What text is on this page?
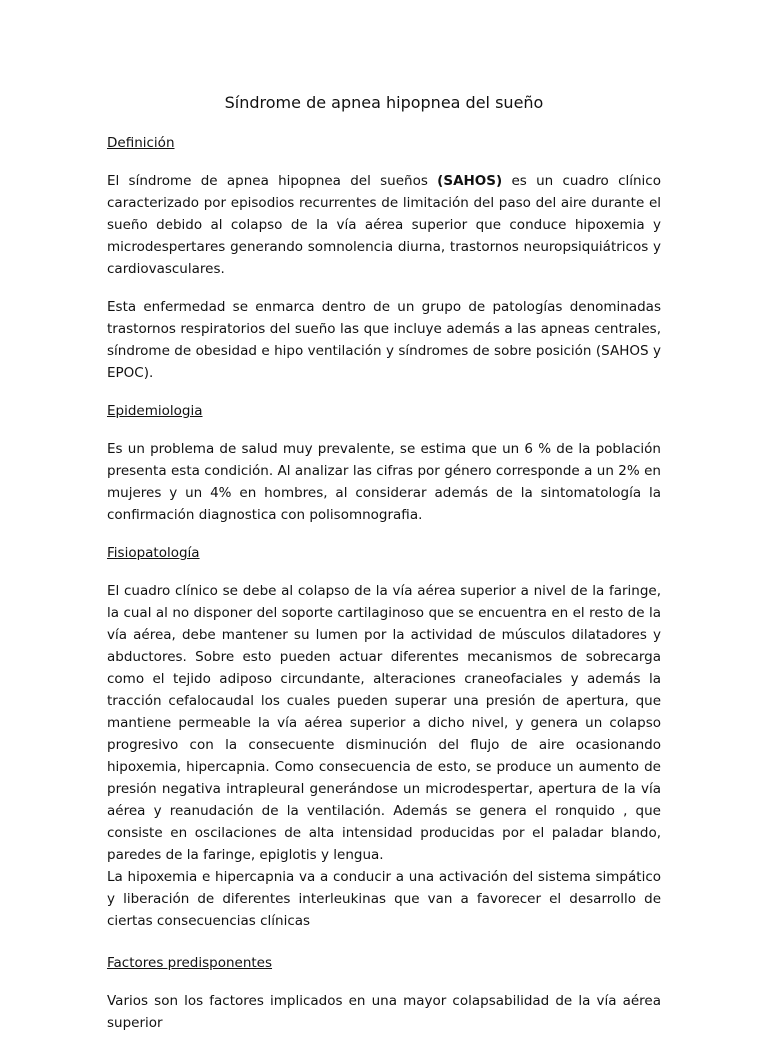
Síndrome de apnea hipopnea del sueño

Definición

El síndrome de apnea hipopnea del sueños (SAHOS) es un cuadro clínico caracterizado por episodios recurrentes de limitación del paso del aire durante el sueño debido al colapso de la vía aérea superior que conduce hipoxemia y microdespertares generando somnolencia diurna, trastornos neuropsiquiátricos y cardiovasculares.

Esta enfermedad se enmarca dentro de un grupo de patologías denominadas trastornos respiratorios del sueño las que incluye además a las apneas centrales, síndrome de obesidad e hipo ventilación y síndromes de sobre posición (SAHOS y EPOC).

Epidemiologia

Es un problema de salud muy prevalente, se estima que un 6 % de la población presenta esta condición. Al analizar las cifras por género corresponde a un 2% en mujeres y un 4% en hombres, al considerar además de la sintomatología la confirmación diagnostica con polisomnografia.

Fisiopatología

El cuadro clínico se debe al colapso de la vía aérea superior a nivel de la faringe, la cual al no disponer del soporte cartilaginoso que se encuentra en el resto de la vía aérea, debe mantener su lumen por la actividad de músculos dilatadores y abductores. Sobre esto pueden actuar diferentes mecanismos de sobrecarga como el tejido adiposo circundante, alteraciones craneofaciales y además la tracción cefalocaudal los cuales pueden superar una presión de apertura, que mantiene permeable la vía aérea superior a dicho nivel, y genera un colapso progresivo con la consecuente disminución del flujo de aire ocasionando hipoxemia, hipercapnia. Como consecuencia de esto, se produce un aumento de presión negativa intrapleural generándose un microdespertar, apertura de la vía aérea y reanudación de la ventilación. Además se genera el ronquido , que consiste en oscilaciones de alta intensidad producidas por el paladar blando, paredes de la faringe, epiglotis y lengua.

La hipoxemia e hipercapnia va a conducir a una activación del sistema simpático y liberación de diferentes interleukinas que van a favorecer el desarrollo de ciertas consecuencias clínicas

Factores predisponentes

Varios son los factores implicados en una mayor colapsabilidad de la vía aérea superior
